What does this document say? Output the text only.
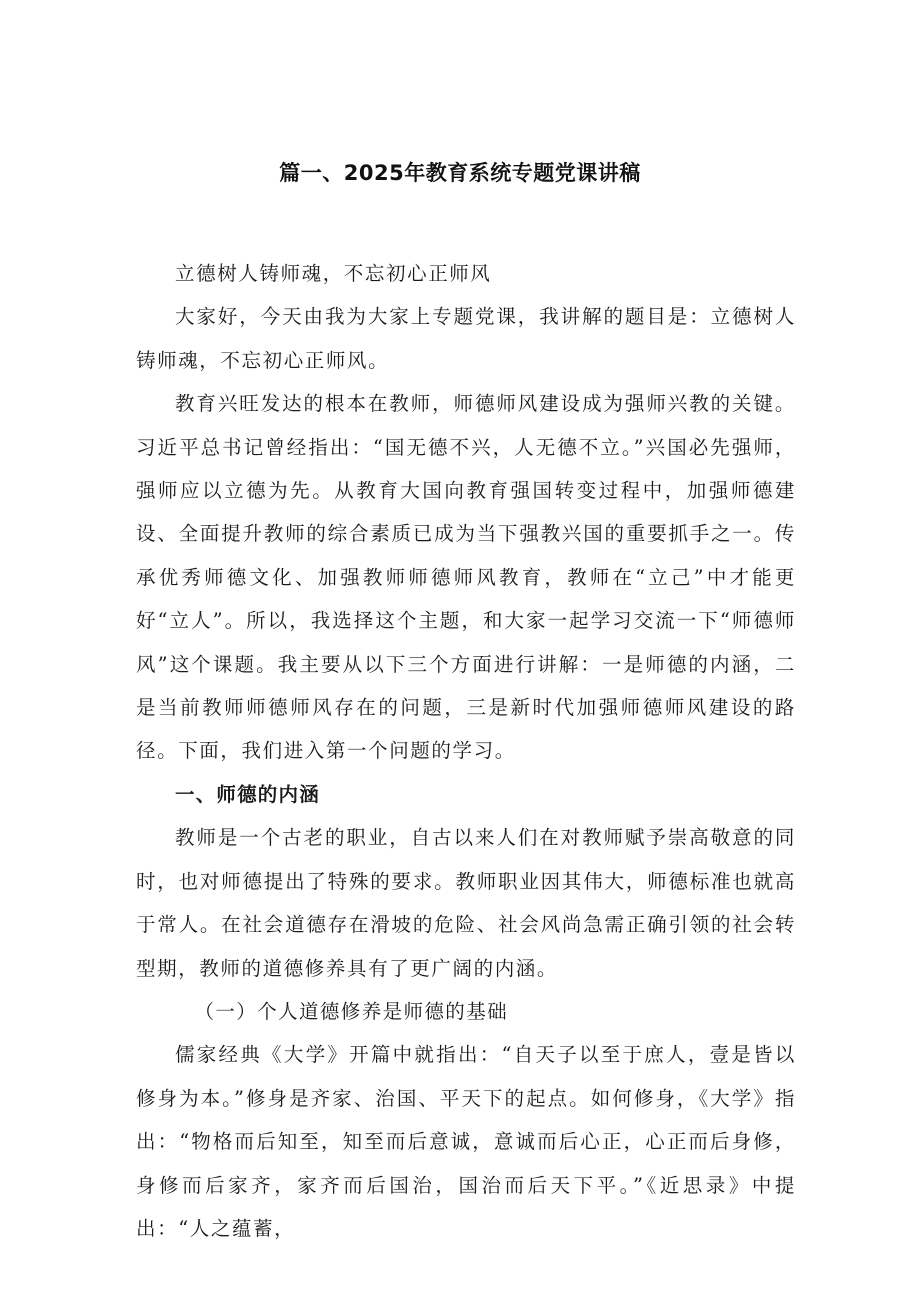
篇一、2025年教育系统专题党课讲稿

立德树人铸师魂，不忘初心正师风

大家好，今天由我为大家上专题党课，我讲解的题目是：立德树人铸师魂，不忘初心正师风。

教育兴旺发达的根本在教师，师德师风建设成为强师兴教的关键。习近平总书记曾经指出：“国无德不兴，人无德不立。”兴国必先强师，强师应以立德为先。从教育大国向教育强国转变过程中，加强师德建设、全面提升教师的综合素质已成为当下强教兴国的重要抓手之一。传承优秀师德文化、加强教师师德师风教育，教师在“立己”中才能更好“立人”。所以，我选择这个主题，和大家一起学习交流一下“师德师风”这个课题。我主要从以下三个方面进行讲解：一是师德的内涵，二是当前教师师德师风存在的问题，三是新时代加强师德师风建设的路径。下面，我们进入第一个问题的学习。

一、师德的内涵

教师是一个古老的职业，自古以来人们在对教师赋予崇高敬意的同时，也对师德提出了特殊的要求。教师职业因其伟大，师德标准也就高于常人。在社会道德存在滑坡的危险、社会风尚急需正确引领的社会转型期，教师的道德修养具有了更广阔的内涵。

（一）个人道德修养是师德的基础

儒家经典《大学》开篇中就指出：“自天子以至于庶人，壹是皆以修身为本。”修身是齐家、治国、平天下的起点。如何修身，《大学》指出：“物格而后知至，知至而后意诚，意诚而后心正，心正而后身修，身修而后家齐，家齐而后国治，国治而后天下平。”《近思录》中提出：“人之蕴蓄，
